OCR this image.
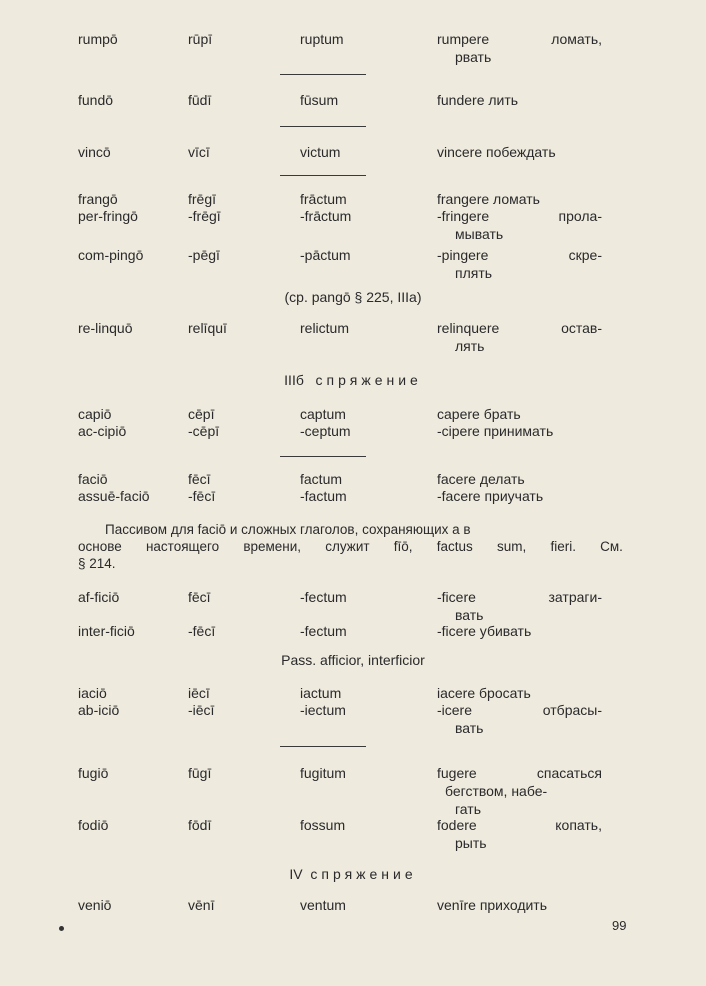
rumpō	rūpī	ruptum	rumpere	ломать,
рвать
fundō	fūdī	fūsum	fundere лить
vincō	vīcī	victum	vincere побеждать
frangō	frēgī	frāctum	frangere ломать
per-fringō	-frēgī	-frāctum	-fringere	прола-
мывать
com-pingō	-pēgī	-pāctum	-pingere	скре-
плять
(ср. pangō § 225, IIIa)
re-linquō	relīquī	relictum	relinquere	остав-
лять
IIIб спряжение
capiō	cēpī	captum	capere брать
ac-cipiō	-cēpī	-ceptum	-cipere принимать
faciō	fēcī	factum	facere делать
assuē-faciō	-fēcī	-factum	-facere приучать
Пассивом для faciō и сложных глаголов, сохраняющих а в
основе настоящего времени, служит fīō, factus sum, fieri. См.
§ 214.
af-ficiō	fēcī	-fectum	-ficere	затраги-
вать
inter-ficiō	-fēcī	-fectum	-ficere убивать
Pass. afficior, interficior
iaciō	iēcī	iactum	iacere бросать
ab-iciō	-iēcī	-iectum	-icere	отбрасы-
вать
fugiō	fūgī	fugitum	fugere	спасаться
бегством, набе-
гать
fodiō	fōdī	fossum	fodere	копать,
рыть
IV спряжение
veniō	vēnī	ventum	venīre приходить
99
